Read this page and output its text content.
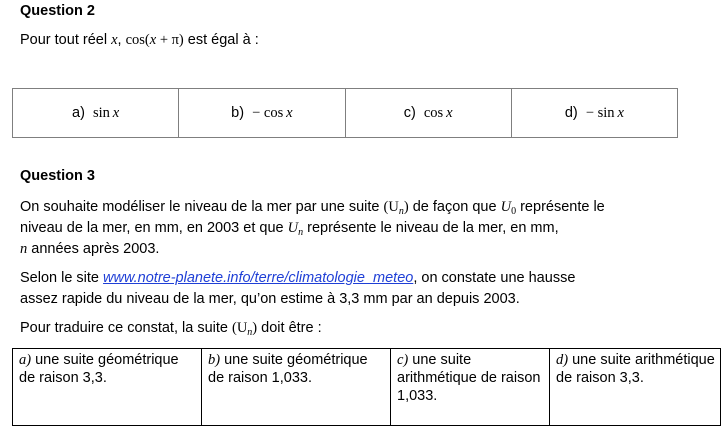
Question 2
Pour tout réel x, cos(x + π) est égal à :
a) sin  x	b) − cos  x	c) cos  x	d) − sin  x
Question 3
On souhaite modéliser le niveau de la mer par une suite $(U_n)$ de façon que $U_0$ représente le
niveau de la mer, en mm, en 2003 et que $U_n$ représente le niveau de la mer, en mm,
n années après 2003.
Selon le site www.notre-planete.info/terre/climatologie_meteo, on constate une hausse
assez rapide du niveau de la mer, qu’on estime à 3,3 mm par an depuis 2003.
Pour traduire ce constat, la suite $(U_n)$ doit être :
a) une suite géométrique de raison 3,3.	b) une suite géométrique de raison 1,033.	c) une suite arithmétique de raison 1,033.	d) une suite arithmétique de raison 3,3.
